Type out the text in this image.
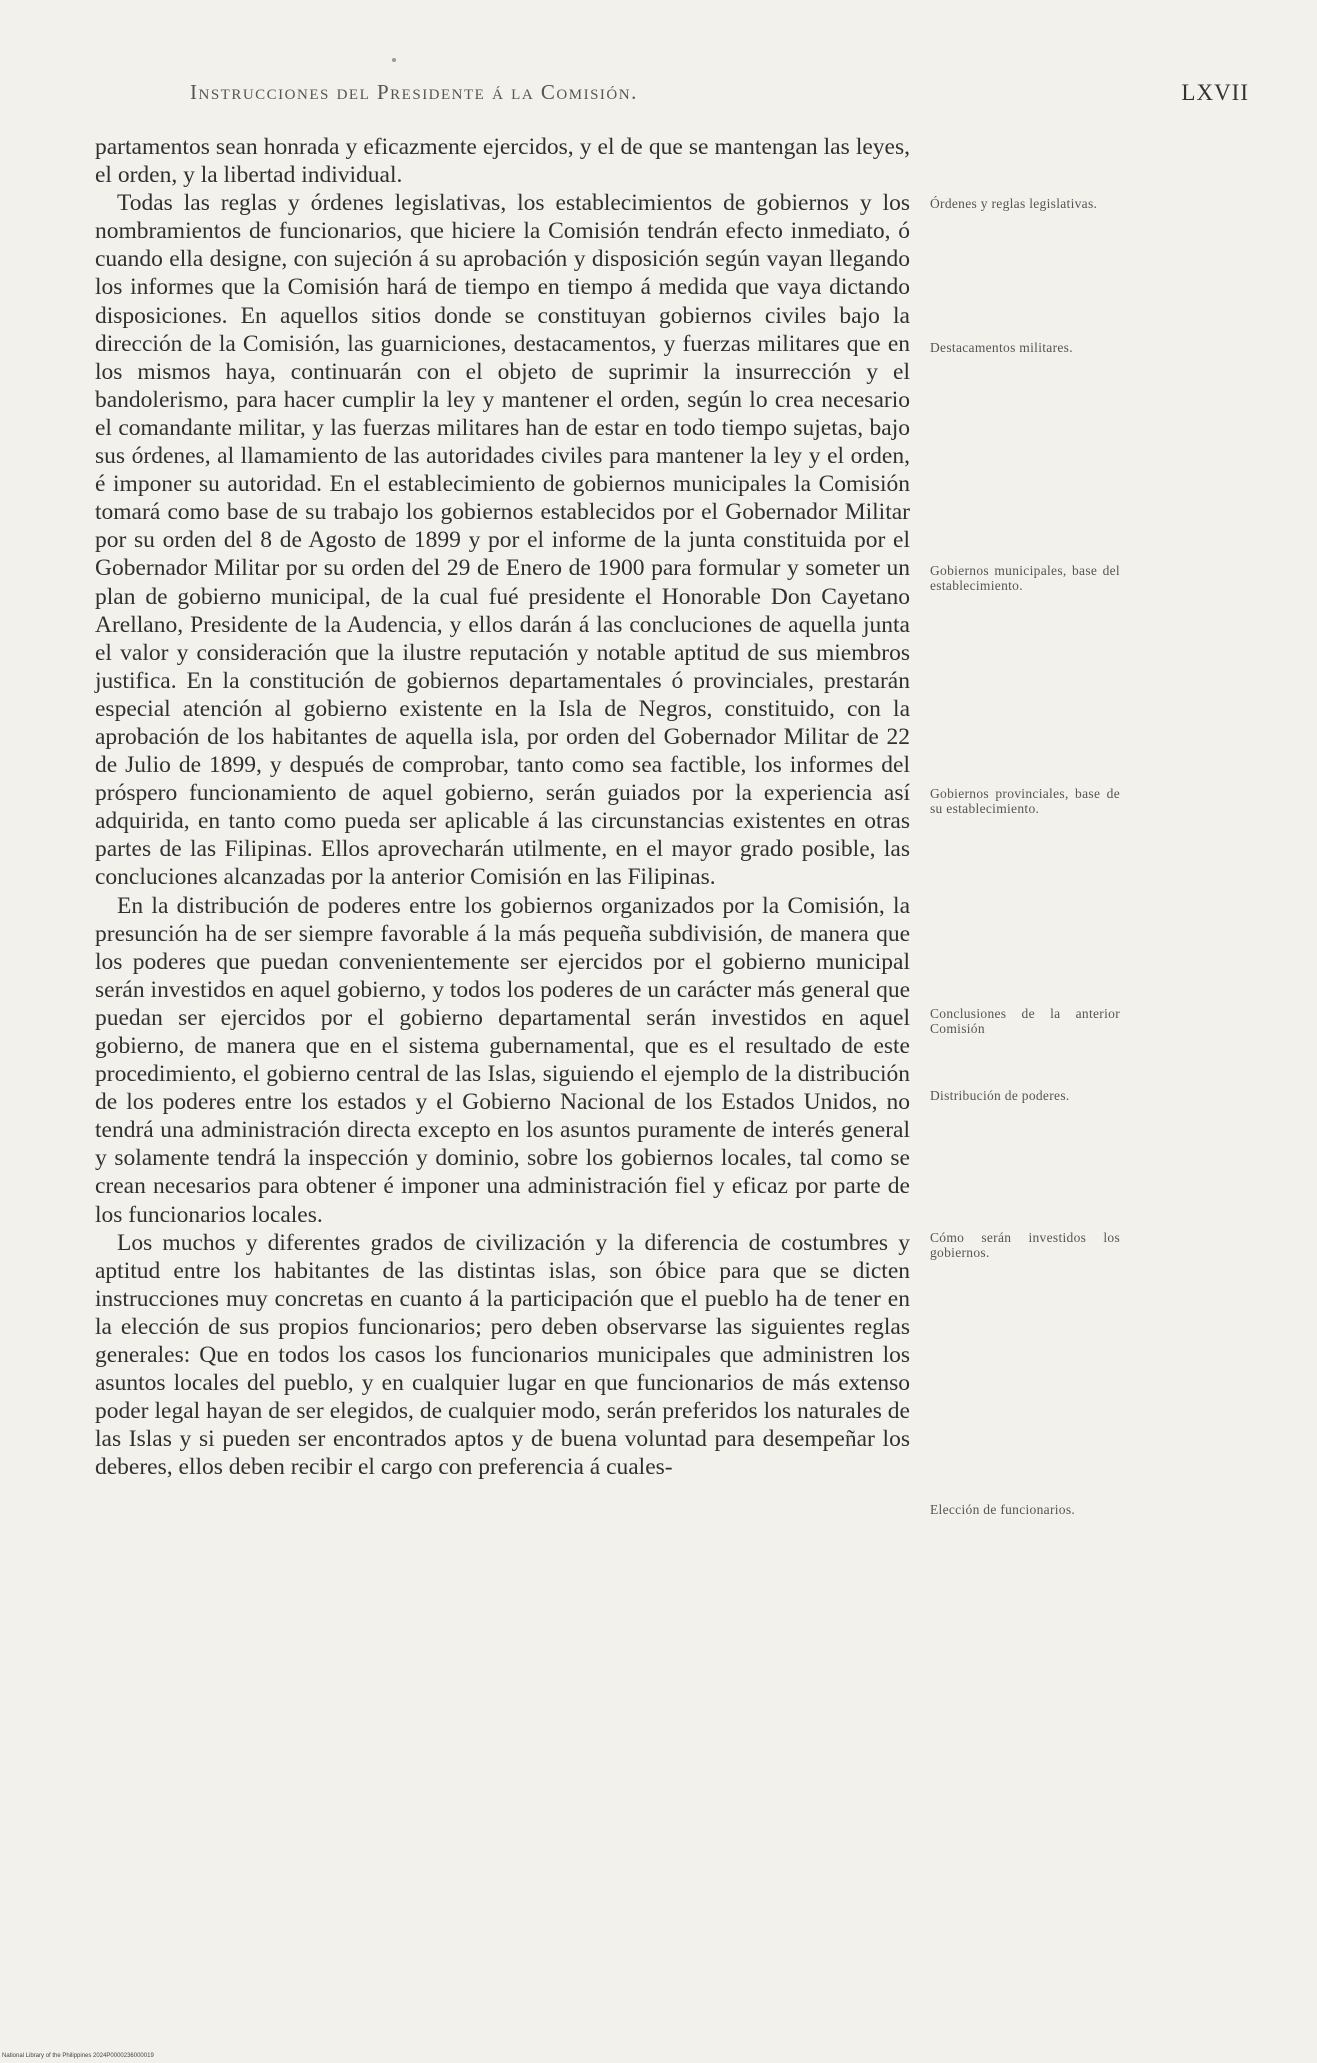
Instrucciones del Presidente á la Comisión.	LXVII

partamentos sean honrada y eficazmente ejercidos, y el de que se mantengan las leyes, el orden, y la libertad individual.

Todas las reglas y órdenes legislativas, los establecimientos de gobiernos y los nombramientos de funcionarios, que hiciere la Comisión tendrán efecto inmediato, ó cuando ella designe, con sujeción á su aprobación y disposición según vayan llegando los informes que la Comisión hará de tiempo en tiempo á medida que vaya dictando disposiciones. En aquellos sitios donde se constituyan gobiernos civiles bajo la dirección de la Comisión, las guarniciones, destacamentos, y fuerzas militares que en los mismos haya, continuarán con el objeto de suprimir la insurrección y el bandolerismo, para hacer cumplir la ley y mantener el orden, según lo crea necesario el comandante militar, y las fuerzas militares han de estar en todo tiempo sujetas, bajo sus órdenes, al llamamiento de las autoridades civiles para mantener la ley y el orden, é imponer su autoridad. En el establecimiento de gobiernos municipales la Comisión tomará como base de su trabajo los gobiernos establecidos por el Gobernador Militar por su orden del 8 de Agosto de 1899 y por el informe de la junta constituida por el Gobernador Militar por su orden del 29 de Enero de 1900 para formular y someter un plan de gobierno municipal, de la cual fué presidente el Honorable Don Cayetano Arellano, Presidente de la Audencia, y ellos darán á las concluciones de aquella junta el valor y consideración que la ilustre reputación y notable aptitud de sus miembros justifica. En la constitución de gobiernos departamentales ó provinciales, prestarán especial atención al gobierno existente en la Isla de Negros, constituido, con la aprobación de los habitantes de aquella isla, por orden del Gobernador Militar de 22 de Julio de 1899, y después de comprobar, tanto como sea factible, los informes del próspero funcionamiento de aquel gobierno, serán guiados por la experiencia así adquirida, en tanto como pueda ser aplicable á las circunstancias existentes en otras partes de las Filipinas. Ellos aprovecharán utilmente, en el mayor grado posible, las concluciones alcanzadas por la anterior Comisión en las Filipinas.

En la distribución de poderes entre los gobiernos organizados por la Comisión, la presunción ha de ser siempre favorable á la más pequeña subdivisión, de manera que los poderes que puedan convenientemente ser ejercidos por el gobierno municipal serán investidos en aquel gobierno, y todos los poderes de un carácter más general que puedan ser ejercidos por el gobierno departamental serán investidos en aquel gobierno, de manera que en el sistema gubernamental, que es el resultado de este procedimiento, el gobierno central de las Islas, siguiendo el ejemplo de la distribución de los poderes entre los estados y el Gobierno Nacional de los Estados Unidos, no tendrá una administración directa excepto en los asuntos puramente de interés general y solamente tendrá la inspección y dominio, sobre los gobiernos locales, tal como se crean necesarios para obtener é imponer una administración fiel y eficaz por parte de los funcionarios locales.

Los muchos y diferentes grados de civilización y la diferencia de costumbres y aptitud entre los habitantes de las distintas islas, son óbice para que se dicten instrucciones muy concretas en cuanto á la participación que el pueblo ha de tener en la elección de sus propios funcionarios; pero deben observarse las siguientes reglas generales: Que en todos los casos los funcionarios municipales que administren los asuntos locales del pueblo, y en cualquier lugar en que funcionarios de más extenso poder legal hayan de ser elegidos, de cualquier modo, serán preferidos los naturales de las Islas y si pueden ser encontrados aptos y de buena voluntad para desempeñar los deberes, ellos deben recibir el cargo con preferencia á cuales-

Órdenes y reglas legislativas.
Destacamentos militares.
Gobiernos municipales, base del establecimiento.
Gobiernos provinciales, base de su establecimiento.
Conclusiones de la anterior Comisión
Distribución de poderes.
Cómo serán investidos los gobiernos.
Elección de funcionarios.
National Library of the Philippines 2024P0000236000019
